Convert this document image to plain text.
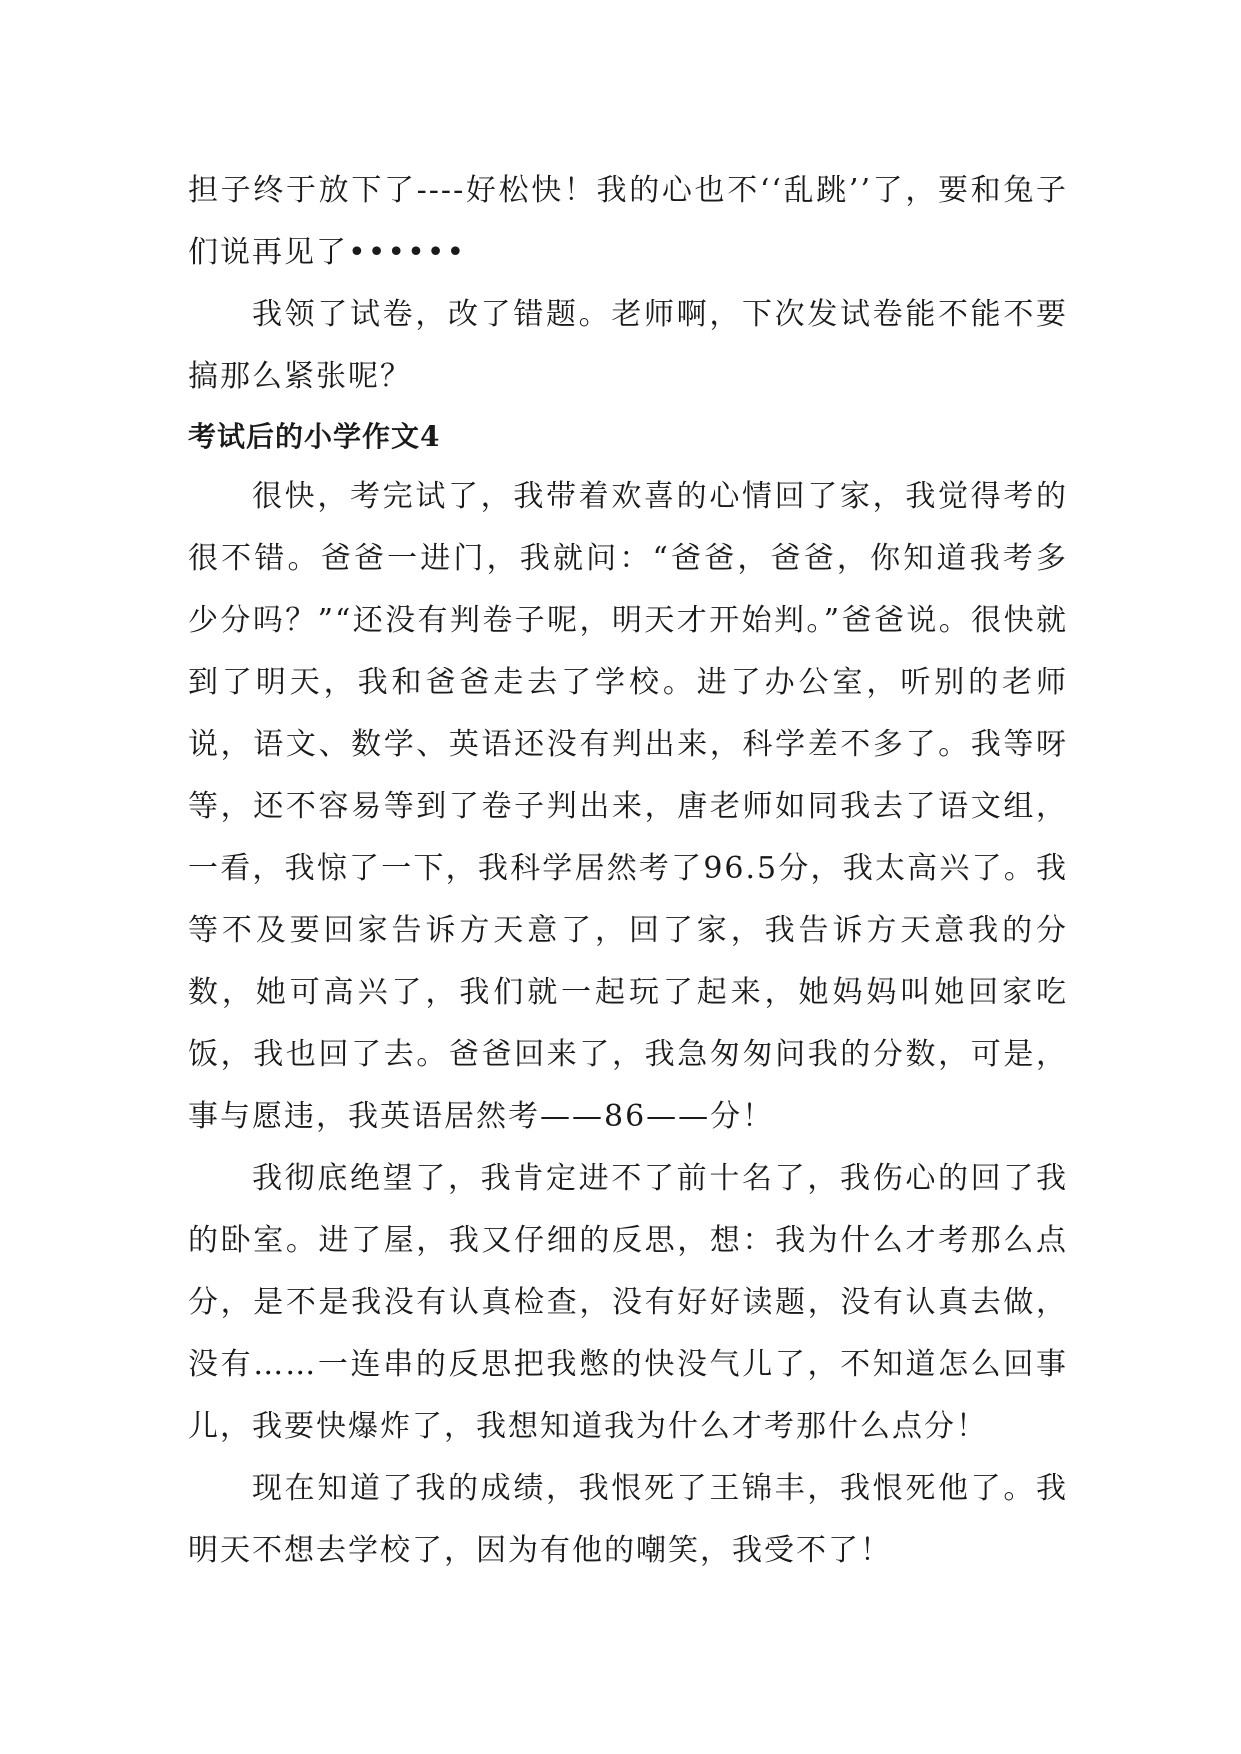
担子终于放下了----好松快！我的心也不‘‘乱跳’’了，要和兔子们说再见了••••••

我领了试卷，改了错题。老师啊，下次发试卷能不能不要搞那么紧张呢？

考试后的小学作文4

很快，考完试了，我带着欢喜的心情回了家，我觉得考的很不错。爸爸一进门，我就问：“爸爸，爸爸，你知道我考多少分吗？”“还没有判卷子呢，明天才开始判。”爸爸说。很快就到了明天，我和爸爸走去了学校。进了办公室，听别的老师说，语文、数学、英语还没有判出来，科学差不多了。我等呀等，还不容易等到了卷子判出来，唐老师如同我去了语文组，一看，我惊了一下，我科学居然考了96.5分，我太高兴了。我等不及要回家告诉方天意了，回了家，我告诉方天意我的分数，她可高兴了，我们就一起玩了起来，她妈妈叫她回家吃饭，我也回了去。爸爸回来了，我急匆匆问我的分数，可是，事与愿违，我英语居然考——86——分！

我彻底绝望了，我肯定进不了前十名了，我伤心的回了我的卧室。进了屋，我又仔细的反思，想：我为什么才考那么点分，是不是我没有认真检查，没有好好读题，没有认真去做，没有……一连串的反思把我憋的快没气儿了，不知道怎么回事儿，我要快爆炸了，我想知道我为什么才考那什么点分！

现在知道了我的成绩，我恨死了王锦丰，我恨死他了。我明天不想去学校了，因为有他的嘲笑，我受不了！
